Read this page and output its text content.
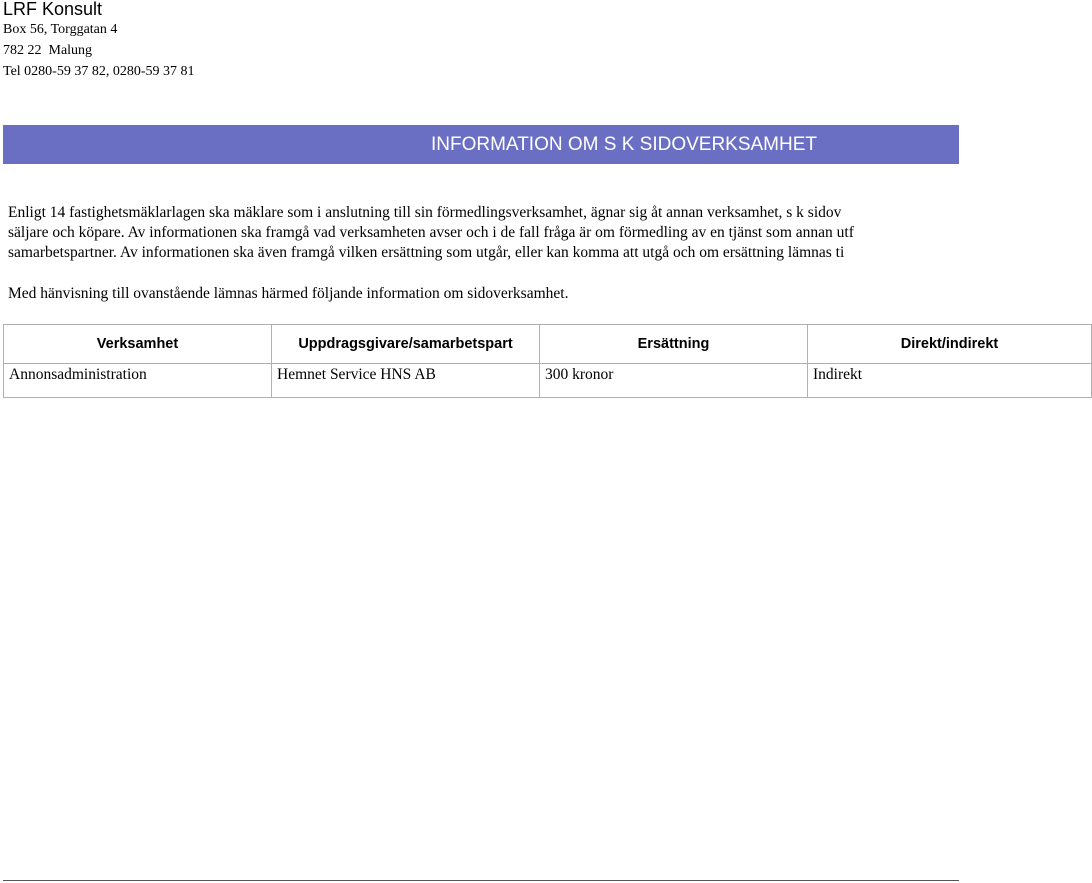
LRF Konsult
Box 56, Torggatan 4
782 22  Malung
Tel 0280-59 37 82, 0280-59 37 81
INFORMATION OM S K SIDOVERKSAMHET
Enligt 14 fastighetsmäklarlagen ska mäklare som i anslutning till sin förmedlingsverksamhet, ägnar sig åt annan verksamhet, s k sidov
säljare och köpare. Av informationen ska framgå vad verksamheten avser och i de fall fråga är om förmedling av en tjänst som annan utf
samarbetspartner. Av informationen ska även framgå vilken ersättning som utgår, eller kan komma att utgå och om ersättning lämnas ti
Med hänvisning till ovanstående lämnas härmed följande information om sidoverksamhet.
Verksamhet	Uppdragsgivare/samarbetspart	Ersättning	Direkt/indirekt
Annonsadministration	Hemnet Service HNS AB	300 kronor	Indirekt
